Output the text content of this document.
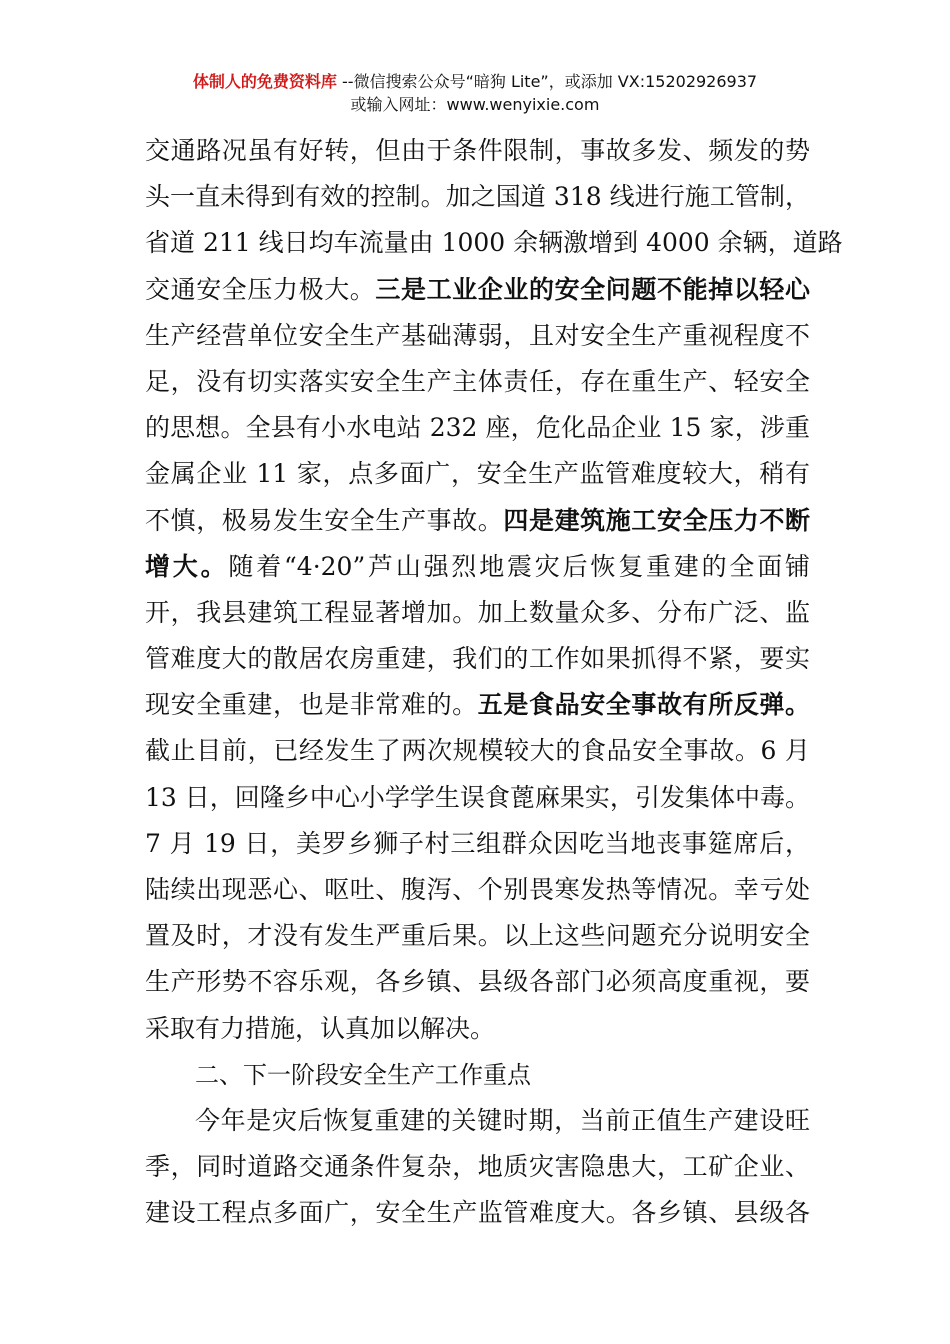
体制人的免费资料库 --微信搜索公众号“暗狗 Lite”，或添加 VX:15202926937
或输入网址：www.wenyixie.com
交通路况虽有好转，但由于条件限制，事故多发、频发的势
头一直未得到有效的控制。加之国道 318 线进行施工管制，
省道 211 线日均车流量由 1000 余辆激增到 4000 余辆，道路
交通安全压力极大。三是工业企业的安全问题不能掉以轻心
生产经营单位安全生产基础薄弱，且对安全生产重视程度不
足，没有切实落实安全生产主体责任，存在重生产、轻安全
的思想。全县有小水电站 232 座，危化品企业 15 家，涉重
金属企业 11 家，点多面广，安全生产监管难度较大，稍有
不慎，极易发生安全生产事故。四是建筑施工安全压力不断
增大。随着“4·20”芦山强烈地震灾后恢复重建的全面铺
开，我县建筑工程显著增加。加上数量众多、分布广泛、监
管难度大的散居农房重建，我们的工作如果抓得不紧，要实
现安全重建，也是非常难的。五是食品安全事故有所反弹。
截止目前，已经发生了两次规模较大的食品安全事故。6 月
13 日，回隆乡中心小学学生误食蓖麻果实，引发集体中毒。
7 月 19 日，美罗乡狮子村三组群众因吃当地丧事筵席后，
陆续出现恶心、呕吐、腹泻、个别畏寒发热等情况。幸亏处
置及时，才没有发生严重后果。以上这些问题充分说明安全
生产形势不容乐观，各乡镇、县级各部门必须高度重视，要
采取有力措施，认真加以解决。
二、下一阶段安全生产工作重点
今年是灾后恢复重建的关键时期，当前正值生产建设旺
季，同时道路交通条件复杂，地质灾害隐患大，工矿企业、
建设工程点多面广，安全生产监管难度大。各乡镇、县级各
